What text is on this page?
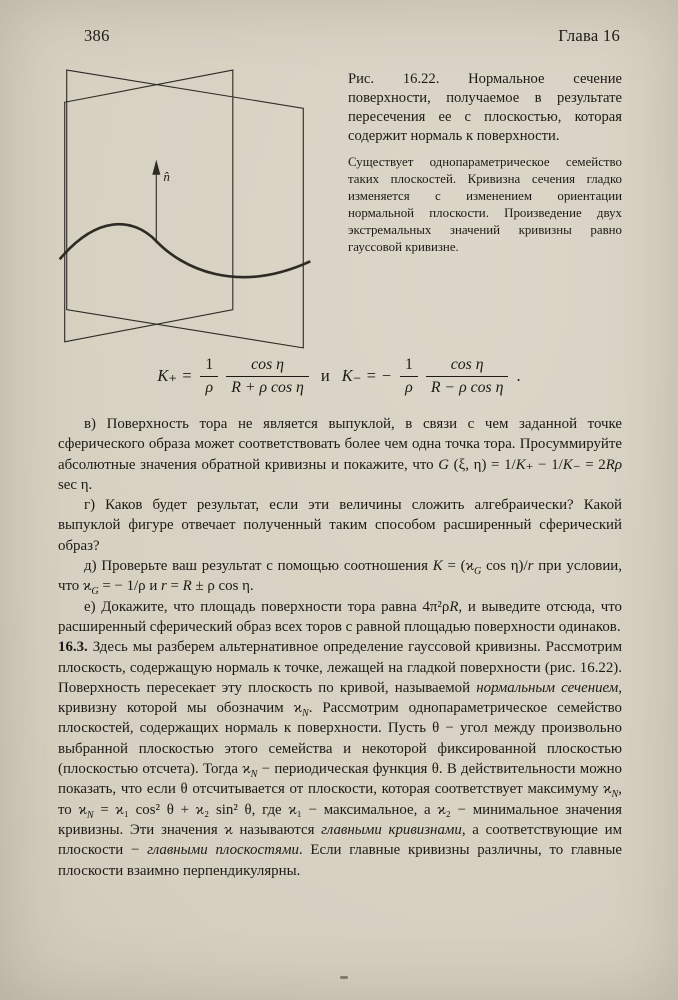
386	Глава 16
n̂

Рис. 16.22. Нормальное сечение поверхности, получаемое в результате пересечения ее с плоскостью, которая содержит нормаль к поверхности.

Существует однопараметрическое семейство таких плоскостей. Кривизна сечения гладко изменяется с изменением ориентации нормальной плоскости. Произведение двух экстремальных значений кривизны равно гауссовой кривизне.

$K_+ = \frac{1}{\rho} \frac{\text{cos η}}{\text{R + ρ cos η}}$ и K₋ = − $\frac{1}{\rho} \frac{\text{cos η}}{\text{R − ρ cos η}}$ .

в) Поверхность тора не является выпуклой, в связи с чем заданной точке сферического образа может соответствовать более чем одна точка тора. Просуммируйте абсолютные значения обратной кривизны и покажите, что G (ξ, η) = 1/K₊ − 1/K₋ = 2Rρ sec η.

г) Каков будет результат, если эти величины сложить алгебраически? Какой выпуклой фигуре отвечает полученный таким способом расширенный сферический образ?

д) Проверьте ваш результат с помощью соотношения $K = (ϰ_G$ cos η)/r при условии, что $ϰ_G$ = − 1/ρ и r = R ± ρ cos η.

е) Докажите, что площадь поверхности тора равна 4π²ρR, и выведите отсюда, что расширенный сферический образ всех торов с равной площадью поверхности одинаков.

16.3. Здесь мы разберем альтернативное определение гауссовой кривизны. Рассмотрим плоскость, содержащую нормаль к точке, лежащей на гладкой поверхности (рис. 16.22). Поверхность пересекает эту плоскость по кривой, называемой нормальным сечением, кривизну которой мы обозначим $ϰ_N$. Рассмотрим однопараметрическое семейство плоскостей, содержащих нормаль к поверхности. Пусть θ − угол между произвольно выбранной плоскостью этого семейства и некоторой фиксированной плоскостью (плоскостью отсчета). Тогда $ϰ_N$ − периодическая функция θ. В действительности можно показать, что если θ отсчитывается от плоскости, которая соответствует максимуму $ϰ_N$, то $ϰ_N = ϰ_1$ cos² θ + ϰ₂ sin² θ, где ϰ₁ − максимальное, а ϰ₂ − минимальное значения кривизны. Эти значения ϰ называются главными кривизнами, а соответствующие им плоскости − главными плоскостями. Если главные кривизны различны, то главные плоскости взаимно перпендикулярны.
